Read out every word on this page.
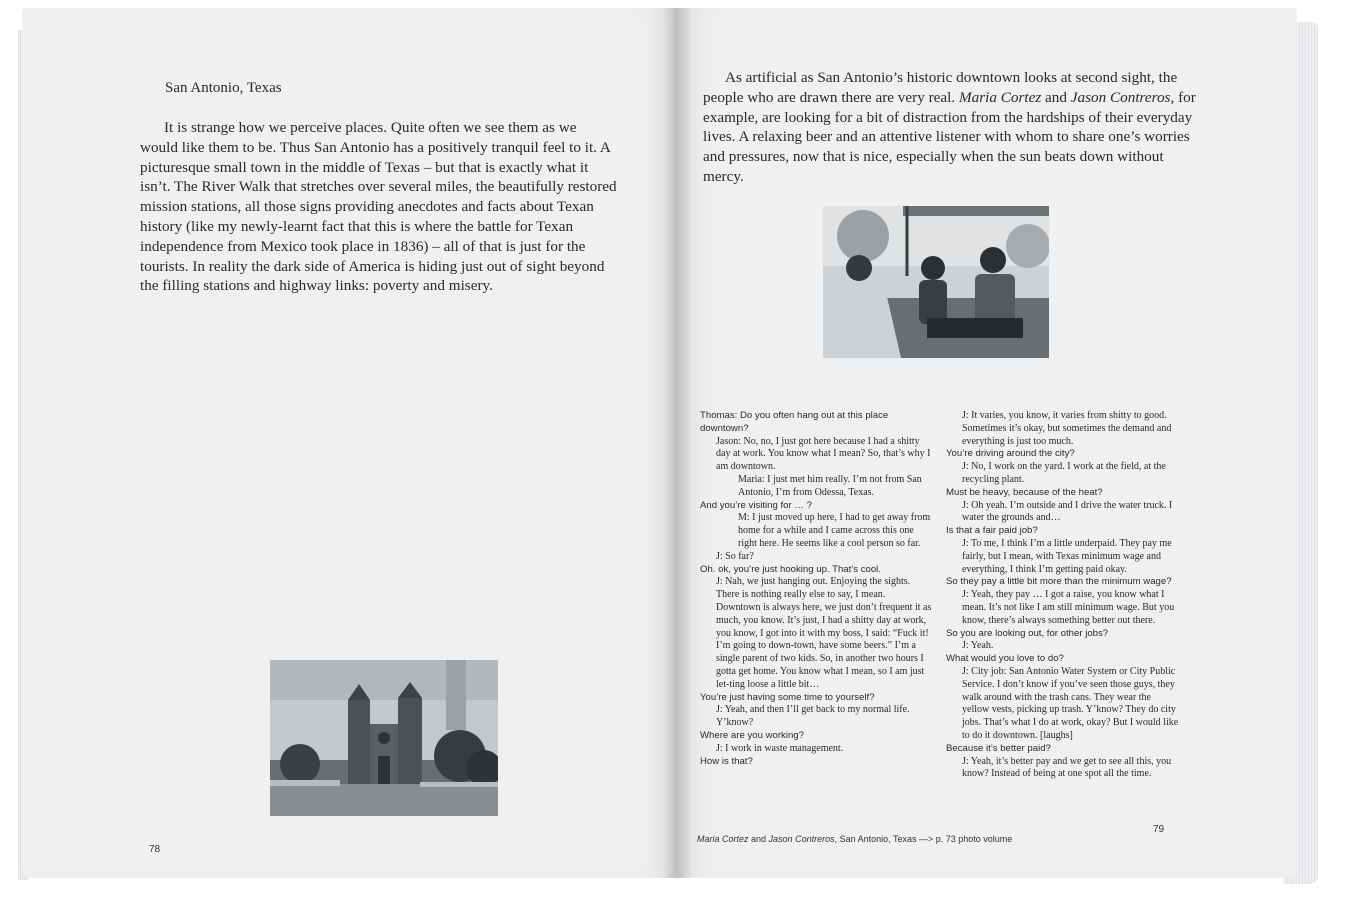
San Antonio, Texas
It is strange how we perceive places. Quite often we see them as we would like them to be. Thus San Antonio has a positively tranquil feel to it. A picturesque small town in the middle of Texas – but that is exactly what it isn’t. The River Walk that stretches over several miles, the beautifully restored mission stations, all those signs providing anecdotes and facts about Texan history (like my newly-learnt fact that this is where the battle for Texan independence from Mexico took place in 1836) – all of that is just for the tourists. In reality the dark side of America is hiding just out of sight beyond the filling stations and highway links: poverty and misery.
78
As artificial as San Antonio’s historic downtown looks at second sight, the people who are drawn there are very real. Maria Cortez and Jason Contreros, for example, are looking for a bit of distraction from the hardships of their everyday lives. A relaxing beer and an attentive listener with whom to share one’s worries and pressures, now that is nice, especially when the sun beats down without mercy.
Thomas: Do you often hang out at this place downtown?
Jason: No, no, I just got here because I had a shitty day at work. You know what I mean? So, that’s why I am downtown.
Maria: I just met him really. I’m not from San Antonio, I’m from Odessa, Texas.
And you’re visiting for … ?
M: I just moved up here, I had to get away from home for a while and I came across this one right here. He seems like a cool person so far.
J: So far?
Oh. ok, you’re just hooking up. That’s cool.
J: Nah, we just hanging out. Enjoying the sights. There is nothing really else to say, I mean. Downtown is always here, we just don’t frequent it as much, you know. It’s just, I had a shitty day at work, you know, I got into it with my boss, I said: “Fuck it! I’m going to down-town, have some beers.” I’m a single parent of two kids. So, in another two hours I gotta get home. You know what I mean, so I am just let-ting loose a little bit…
You’re just having some time to yourself?
J: Yeah, and then I’ll get back to my normal life. Y’know?
Where are you working?
J: I work in waste management.
How is that?
J: It varies, you know, it varies from shitty to good. Sometimes it’s okay, but sometimes the demand and everything is just too much.
You’re driving around the city?
J: No, I work on the yard. I work at the field, at the recycling plant.
Must be heavy, because of the heat?
J: Oh yeah. I’m outside and I drive the water truck. I water the grounds and…
Is that a fair paid job?
J: To me, I think I’m a little underpaid. They pay me fairly, but I mean, with Texas minimum wage and everything, I think I’m getting paid okay.
So they pay a little bit more than the minimum wage?
J: Yeah, they pay … I got a raise, you know what I mean. It’s not like I am still minimum wage. But you know, there’s always something better out there.
So you are looking out, for other jobs?
J: Yeah.
What would you love to do?
J: City job: San Antonio Water System or City Public Service. I don’t know if you’ve seen those guys, they walk around with the trash cans. They wear the yellow vests, picking up trash. Y’know? They do city jobs. That’s what I do at work, okay? But I would like to do it downtown. [laughs]
Because it’s better paid?
J: Yeah, it’s better pay and we get to see all this, you know? Instead of being at one spot all the time.
Maria Cortez and Jason Contreros, San Antonio, Texas —> p. 73 photo volume
79
